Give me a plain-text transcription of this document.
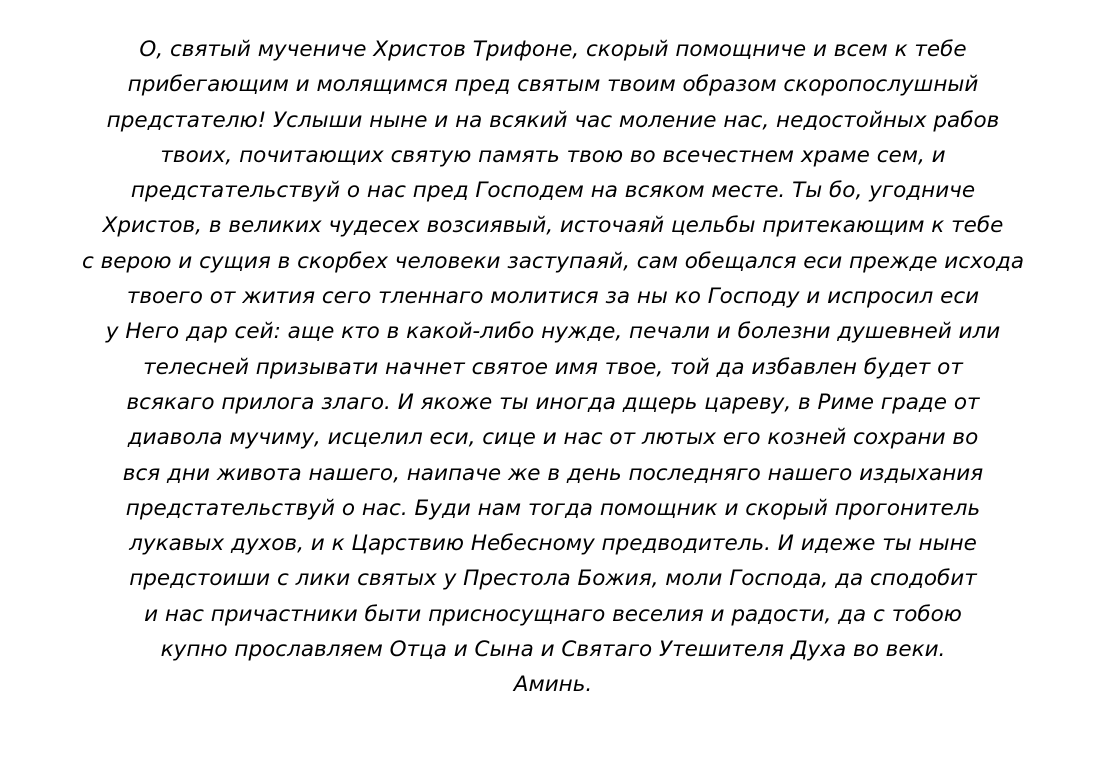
О, святый мучениче Христов Трифоне, скорый помощниче и всем к тебе
прибегающим и молящимся пред святым твоим образом скоропослушный
предстателю! Услыши ныне и на всякий час моление нас, недостойных рабов
твоих, почитающих святую память твою во всечестнем храме сем, и
предстательствуй о нас пред Господем на всяком месте. Ты бо, угодниче
Христов, в великих чудесех возсиявый, источаяй цельбы притекающим к тебе
с верою и сущия в скорбех человеки заступаяй, сам обещался еси прежде исхода
твоего от жития сего тленнаго молитися за ны ко Господу и испросил еси
у Него дар сей: аще кто в какой-либо нужде, печали и болезни душевней или
телесней призывати начнет святое имя твое, той да избавлен будет от
всякаго прилога злаго. И якоже ты иногда дщерь цареву, в Риме граде от
диавола мучиму, исцелил еси, сице и нас от лютых его козней сохрани во
вся дни живота нашего, наипаче же в день последняго нашего издыхания
предстательствуй о нас. Буди нам тогда помощник и скорый прогонитель
лукавых духов, и к Царствию Небесному предводитель. И идеже ты ныне
предстоиши с лики святых у Престола Божия, моли Господа, да сподобит
и нас причастники быти присносущнаго веселия и радости, да с тобою
купно прославляем Отца и Сына и Святаго Утешителя Духа во веки.
Аминь.
